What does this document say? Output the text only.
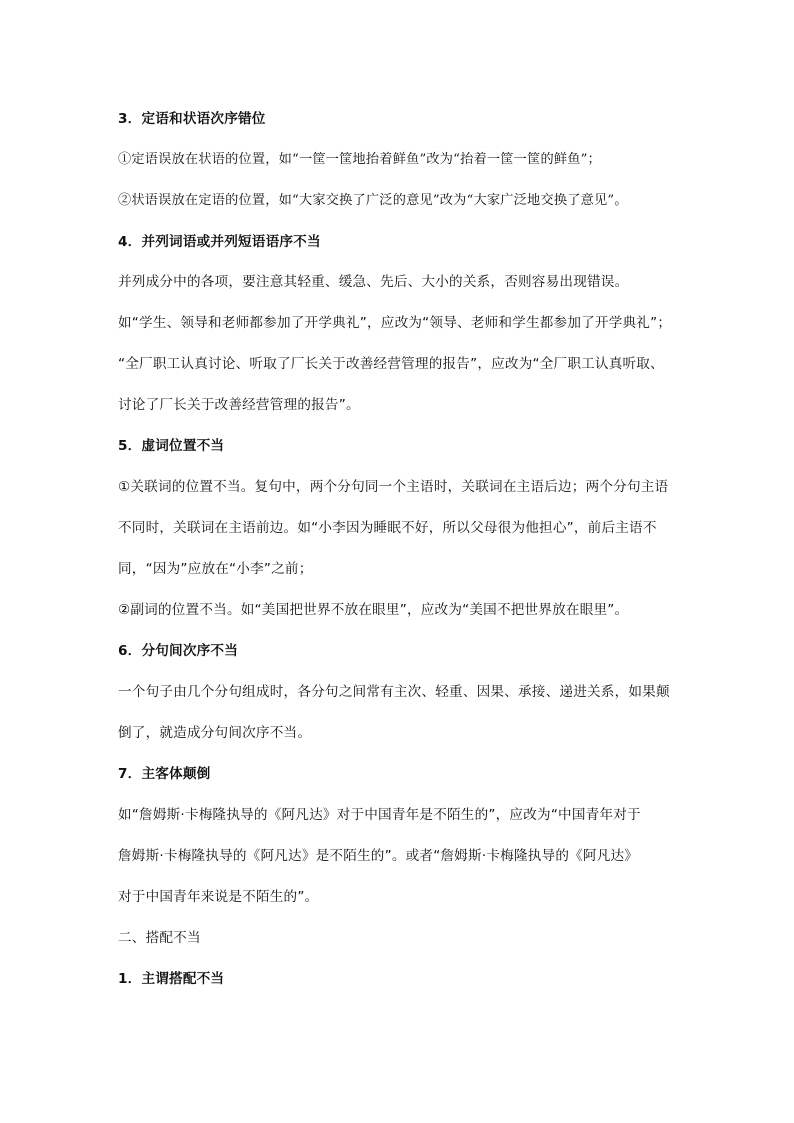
3．定语和状语次序错位
①定语误放在状语的位置，如“一筐一筐地抬着鲜鱼”改为“抬着一筐一筐的鲜鱼”；
②状语误放在定语的位置，如“大家交换了广泛的意见”改为“大家广泛地交换了意见”。
4．并列词语或并列短语语序不当
并列成分中的各项，要注意其轻重、缓急、先后、大小的关系，否则容易出现错误。
如“学生、领导和老师都参加了开学典礼”，应改为“领导、老师和学生都参加了开学典礼”；
“全厂职工认真讨论、听取了厂长关于改善经营管理的报告”，应改为“全厂职工认真听取、
讨论了厂长关于改善经营管理的报告”。
5．虚词位置不当
①关联词的位置不当。复句中，两个分句同一个主语时，关联词在主语后边；两个分句主语
不同时，关联词在主语前边。如“小李因为睡眠不好，所以父母很为他担心”，前后主语不
同，“因为”应放在“小李”之前；
②副词的位置不当。如“美国把世界不放在眼里”，应改为“美国不把世界放在眼里”。
6．分句间次序不当
一个句子由几个分句组成时，各分句之间常有主次、轻重、因果、承接、递进关系，如果颠
倒了，就造成分句间次序不当。
7．主客体颠倒
如“詹姆斯·卡梅隆执导的《阿凡达》对于中国青年是不陌生的”，应改为“中国青年对于
詹姆斯·卡梅隆执导的《阿凡达》是不陌生的”。或者“詹姆斯·卡梅隆执导的《阿凡达》
对于中国青年来说是不陌生的”。
二、搭配不当
1．主谓搭配不当
